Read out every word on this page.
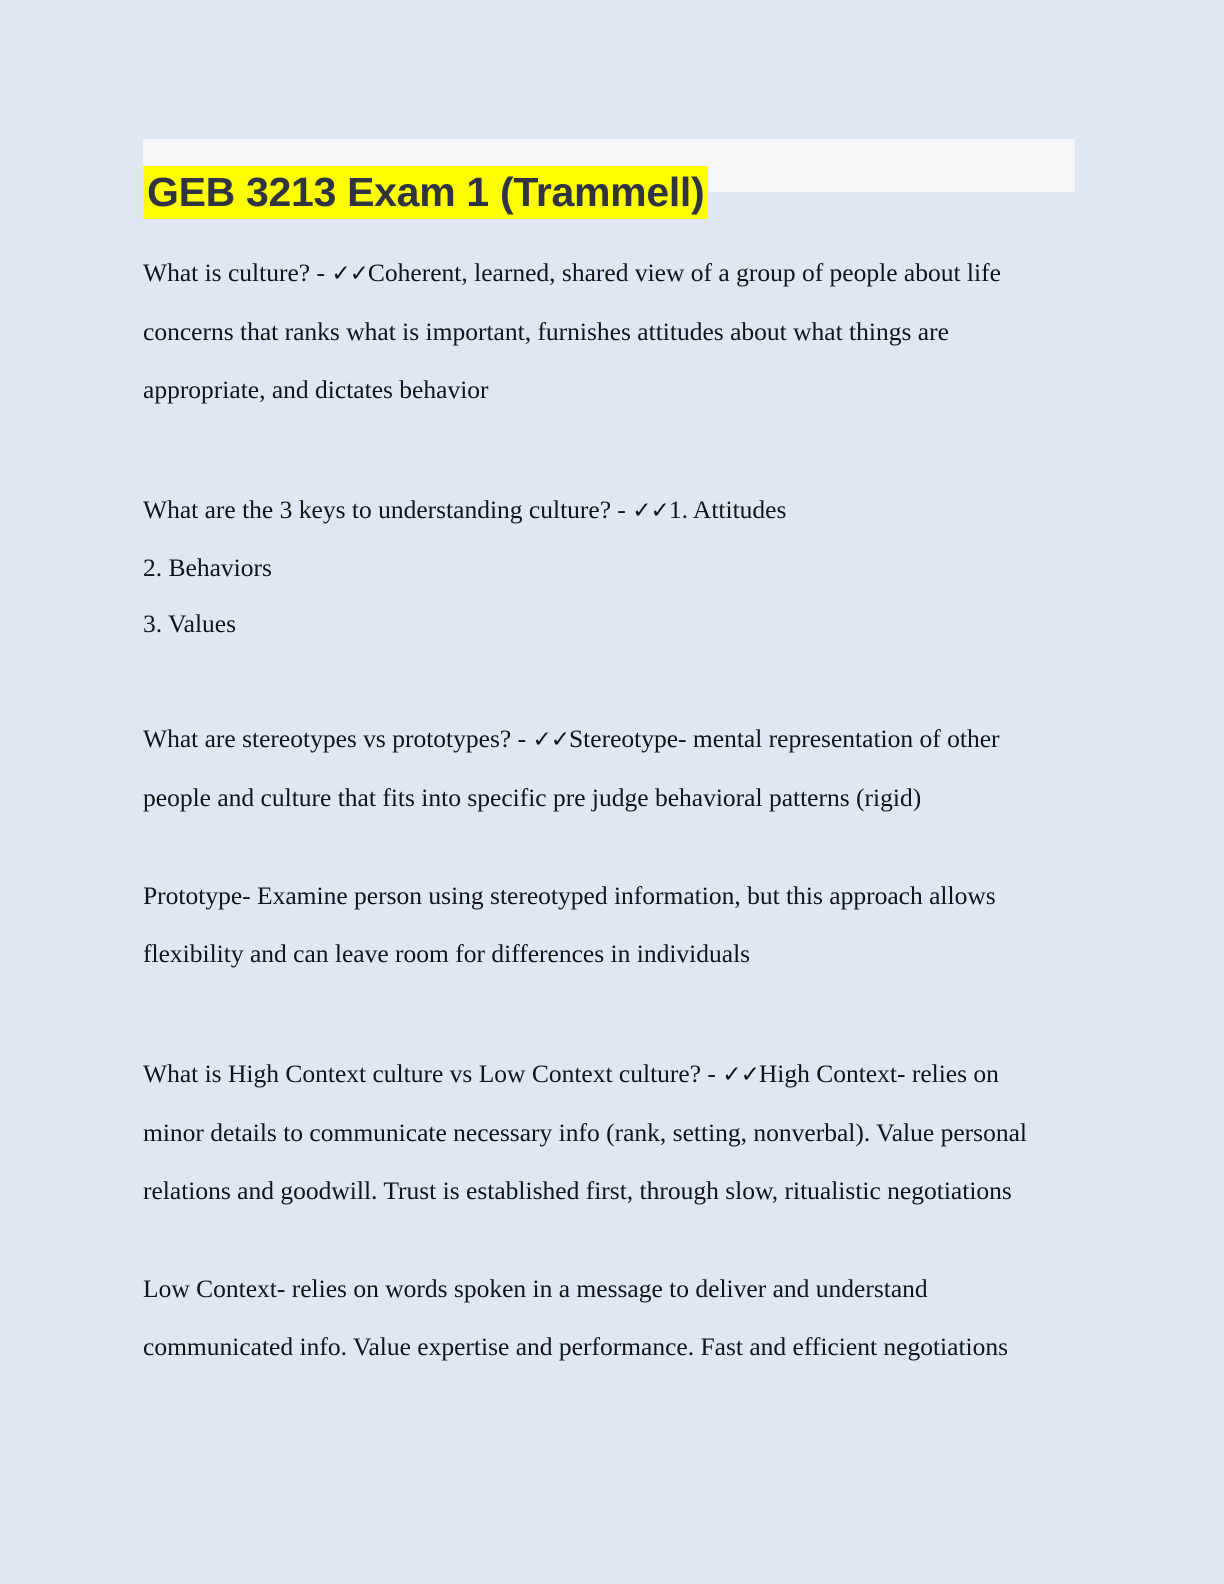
GEB 3213 Exam 1 (Trammell)

What is culture? - ✓✓Coherent, learned, shared view of a group of people about life concerns that ranks what is important, furnishes attitudes about what things are appropriate, and dictates behavior

What are the 3 keys to understanding culture? - ✓✓1. Attitudes

2. Behaviors

3. Values

What are stereotypes vs prototypes? - ✓✓Stereotype- mental representation of other people and culture that fits into specific pre judge behavioral patterns (rigid)

Prototype- Examine person using stereotyped information, but this approach allows flexibility and can leave room for differences in individuals

What is High Context culture vs Low Context culture? - ✓✓High Context- relies on minor details to communicate necessary info (rank, setting, nonverbal). Value personal relations and goodwill. Trust is established first, through slow, ritualistic negotiations

Low Context- relies on words spoken in a message to deliver and understand communicated info. Value expertise and performance. Fast and efficient negotiations
